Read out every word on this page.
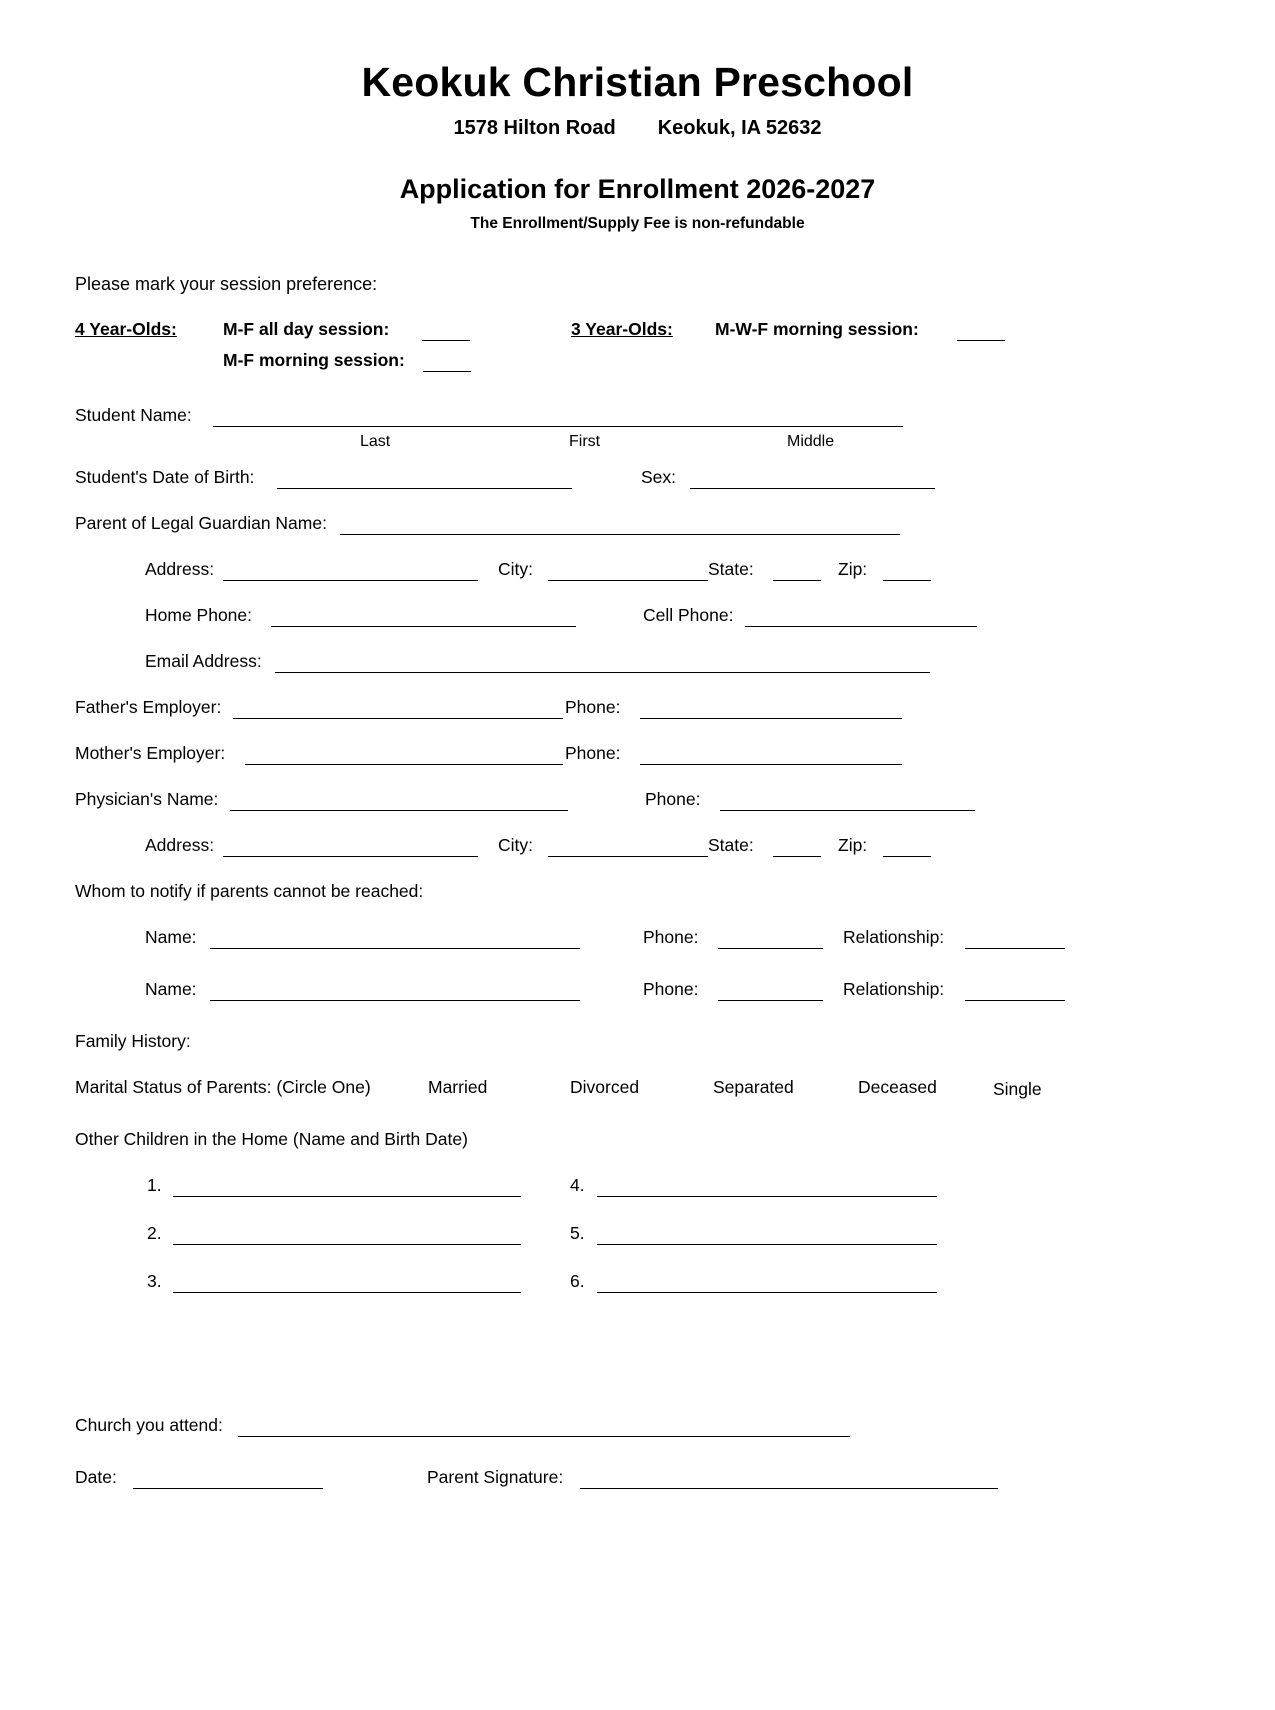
Keokuk Christian Preschool
1578 Hilton Road Keokuk, IA 52632
Application for Enrollment 2026-2027
The Enrollment/Supply Fee is non-refundable
Please mark your session preference:
4 Year-Olds:	M-F all day session:
M-F morning session:
3 Year-Olds: M-W-F morning session:
Student Name:
Last	First	Middle
Student's Date of Birth:	Sex:
Parent of Legal Guardian Name:
Address:	City:	State:	Zip:
Home Phone:	Cell Phone:
Email Address:
Father's Employer:	Phone:
Mother's Employer:	Phone:
Physician's Name:	Phone:
Address:	City:	State:	Zip:
Whom to notify if parents cannot be reached:
Name:	Phone:	Relationship:
Name:	Phone:	Relationship:
Family History:
Marital Status of Parents: (Circle One)	Married	Divorced	Separated	Deceased	Single
Other Children in the Home (Name and Birth Date)
1.	4.
2.	5.
3.	6.
Church you attend:
Date:	Parent Signature:
